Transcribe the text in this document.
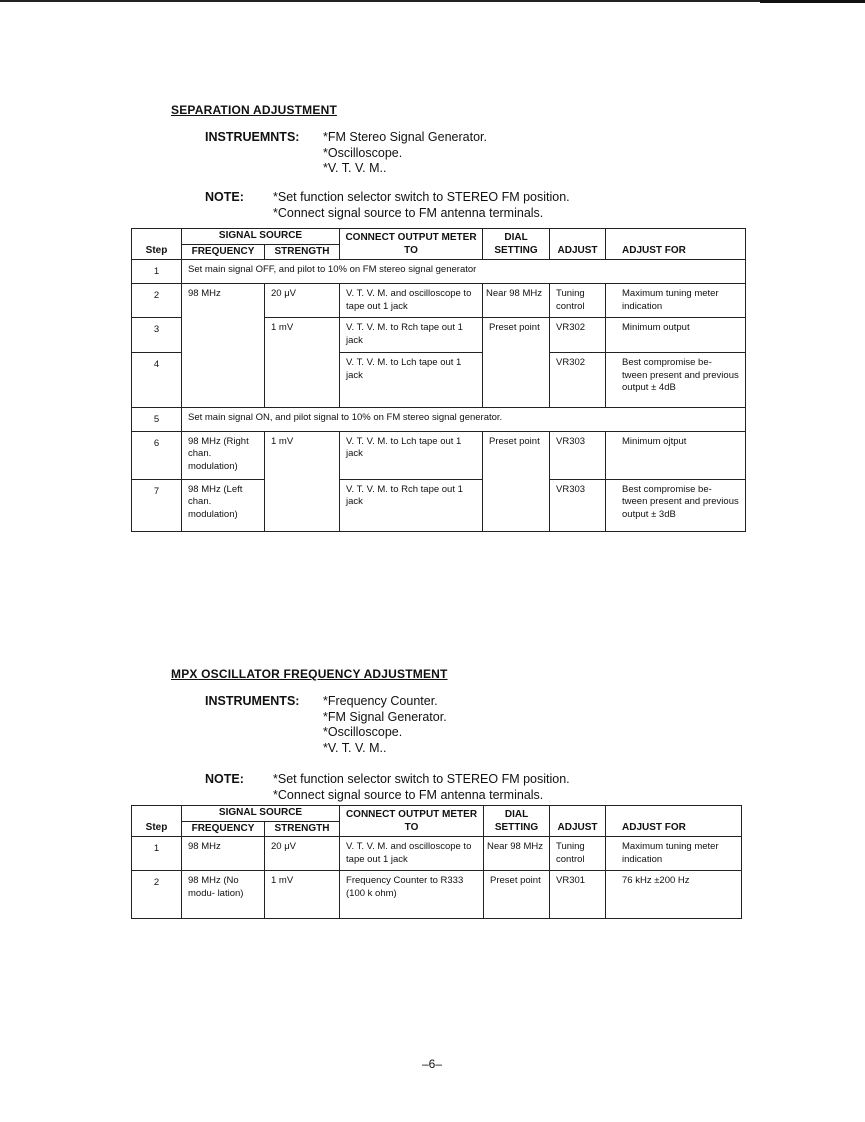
SEPARATION ADJUSTMENT
INSTRUEMNTS: *FM Stereo Signal Generator.
*Oscilloscope.
*V. T. V. M..
NOTE: *Set function selector switch to STEREO FM position.
*Connect signal source to FM antenna terminals.
Step	SIGNAL SOURCE		CONNECT OUTPUT METER TO	DIAL SETTING	ADJUST	ADJUST FOR
	FREQUENCY	STRENGTH				
1	Set main signal OFF, and pilot to 10% on FM stereo signal generator					
2	98 MHz	20 μV	V. T. V. M. and oscilloscope to tape out 1 jack	Near 98 MHz	Tuning control	Maximum tuning meter indication
3		1 mV	V. T. V. M. to Rch tape out 1 jack	Preset point	VR302	Minimum output
4			V. T. V. M. to Lch tape out 1 jack		VR302	Best compromise be- tween present and previous output ± 4dB
5	Set main signal ON, and pilot signal to 10% on FM stereo signal generator.					
6	98 MHz (Right chan. modulation)	1 mV	V. T. V. M. to Lch tape out 1 jack	Preset point	VR303	Minimum ojtput
7	98 MHz (Left chan. modulation)		V. T. V. M. to Rch tape out 1 jack		VR303	Best compromise be- tween present and previous output ± 3dB
MPX OSCILLATOR FREQUENCY ADJUSTMENT
INSTRUMENTS: *Frequency Counter.
*FM Signal Generator.
*Oscilloscope.
*V. T. V. M..
NOTE: *Set function selector switch to STEREO FM position.
*Connect signal source to FM antenna terminals.
Step	SIGNAL SOURCE		CONNECT OUTPUT METER TO	DIAL SETTING	ADJUST	ADJUST FOR
	FREQUENCY	STRENGTH				
1	98 MHz	20 μV	V. T. V. M. and oscilloscope to tape out 1 jack	Near 98 MHz	Tuning control	Maximum tuning meter indication
2	98 MHz (No modu- lation)	1 mV	Frequency Counter to R333 (100 k ohm)	Preset point	VR301	76 kHz ±200 Hz
–6–
